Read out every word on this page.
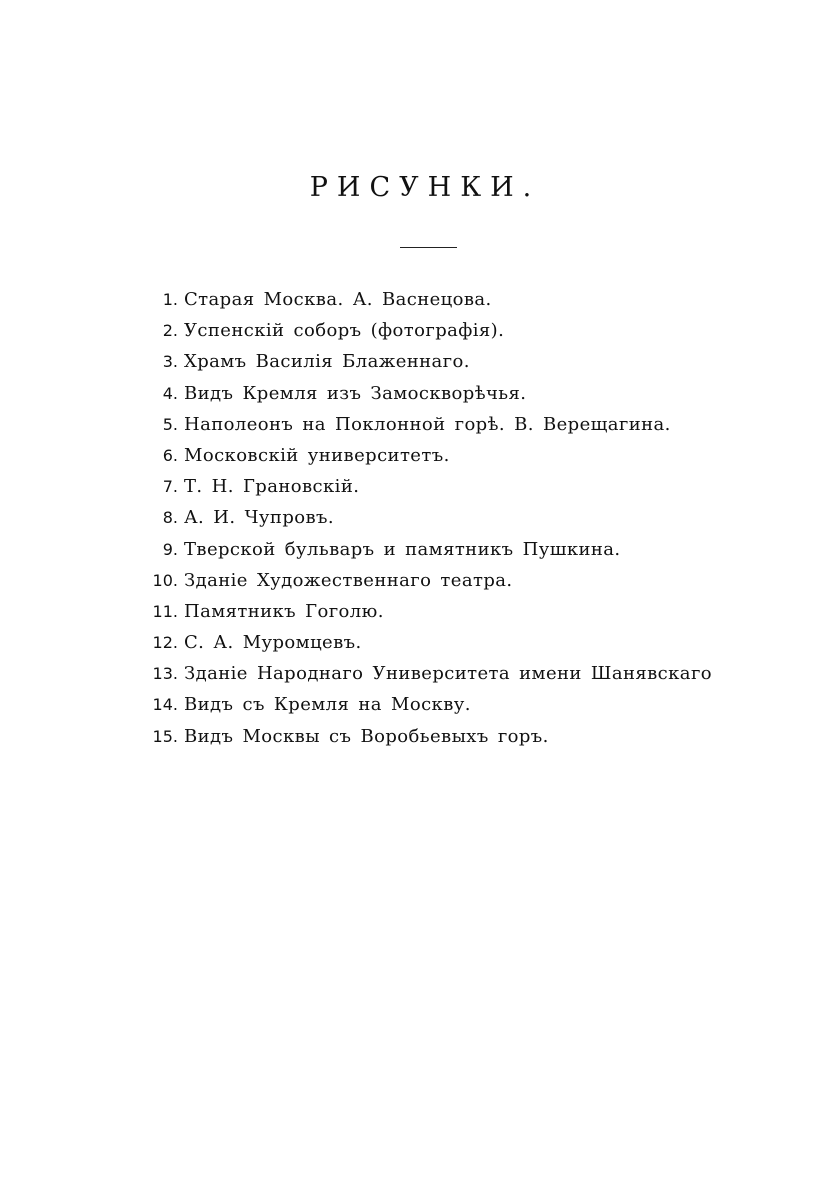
РИСУНКИ.
1. Старая Москва. А. Васнецова.
2. Успенскій соборъ (фотографія).
3. Храмъ Василія Блаженнаго.
4. Видъ Кремля изъ Замоскворѣчья.
5. Наполеонъ на Поклонной горѣ. В. Верещагина.
6. Московскій университетъ.
7. Т. Н. Грановскій.
8. А. И. Чупровъ.
9. Тверской бульваръ и памятникъ Пушкина.
10. Зданіе Художественнаго театра.
11. Памятникъ Гоголю.
12. С. А. Муромцевъ.
13. Зданіе Народнаго Университета имени Шанявскаго
14. Видъ съ Кремля на Москву.
15. Видъ Москвы съ Воробьевыхъ горъ.
